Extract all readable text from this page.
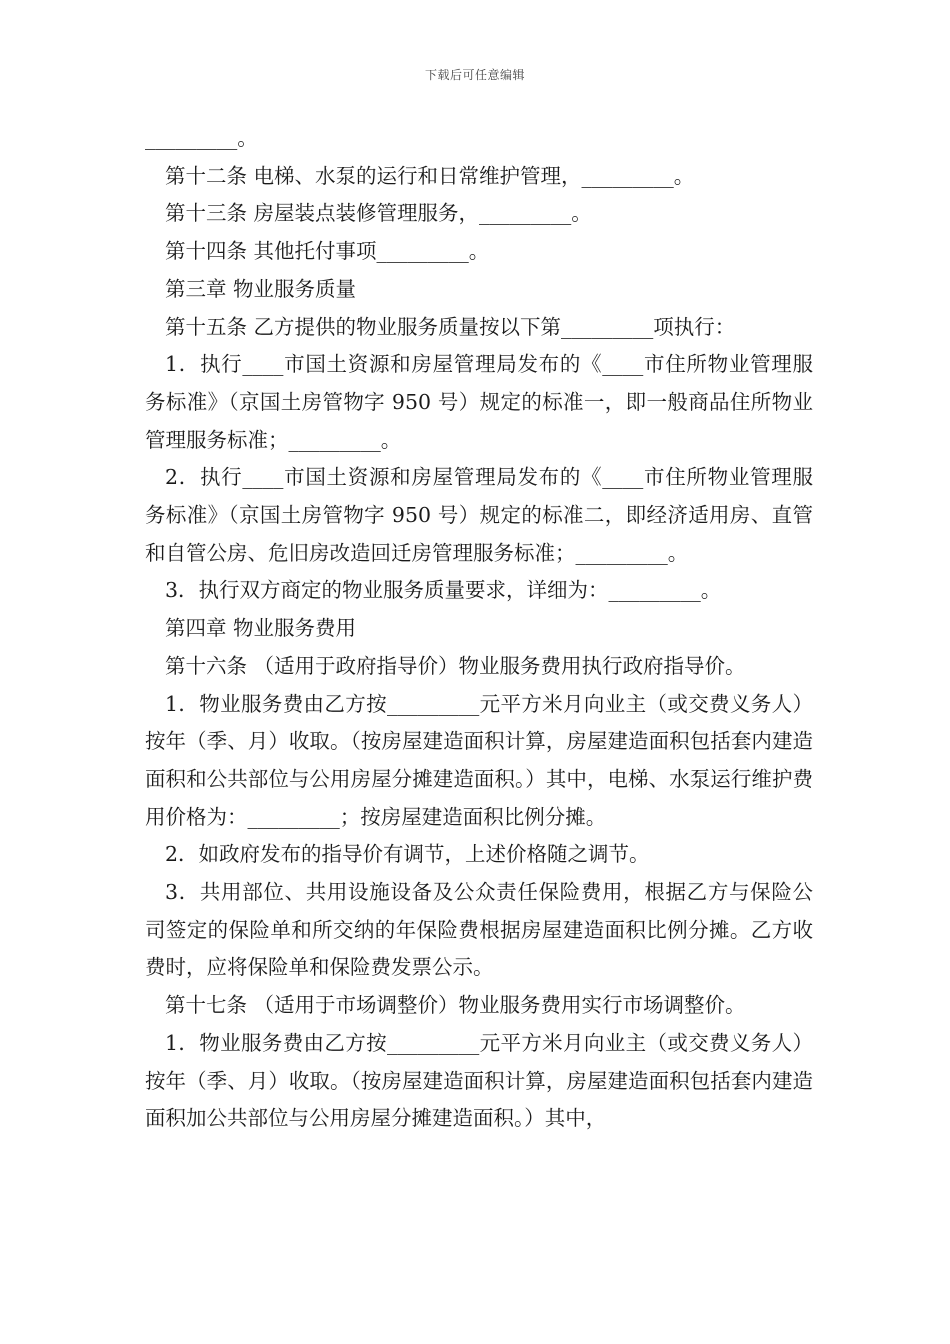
下载后可任意编辑

_________。

第十二条 电梯、水泵的运行和日常维护管理，_________。

第十三条 房屋装点装修管理服务，_________。

第十四条 其他托付事项_________。

第三章 物业服务质量

第十五条 乙方提供的物业服务质量按以下第_________项执行：

1．执行____市国土资源和房屋管理局发布的《____市住所物业管理服务标准》（京国土房管物字 950 号）规定的标准一，即一般商品住所物业管理服务标准；_________。

2．执行____市国土资源和房屋管理局发布的《____市住所物业管理服务标准》（京国土房管物字 950 号）规定的标准二，即经济适用房、直管和自管公房、危旧房改造回迁房管理服务标准；_________。

3．执行双方商定的物业服务质量要求，详细为：_________。

第四章 物业服务费用

第十六条 （适用于政府指导价）物业服务费用执行政府指导价。

1．物业服务费由乙方按_________元平方米月向业主（或交费义务人）按年（季、月）收取。（按房屋建造面积计算，房屋建造面积包括套内建造面积和公共部位与公用房屋分摊建造面积。）其中，电梯、水泵运行维护费用价格为：_________；按房屋建造面积比例分摊。

2．如政府发布的指导价有调节，上述价格随之调节。

3．共用部位、共用设施设备及公众责任保险费用，根据乙方与保险公司签定的保险单和所交纳的年保险费根据房屋建造面积比例分摊。乙方收费时，应将保险单和保险费发票公示。

第十七条 （适用于市场调整价）物业服务费用实行市场调整价。

1．物业服务费由乙方按_________元平方米月向业主（或交费义务人）按年（季、月）收取。（按房屋建造面积计算，房屋建造面积包括套内建造面积加公共部位与公用房屋分摊建造面积。）其中，
